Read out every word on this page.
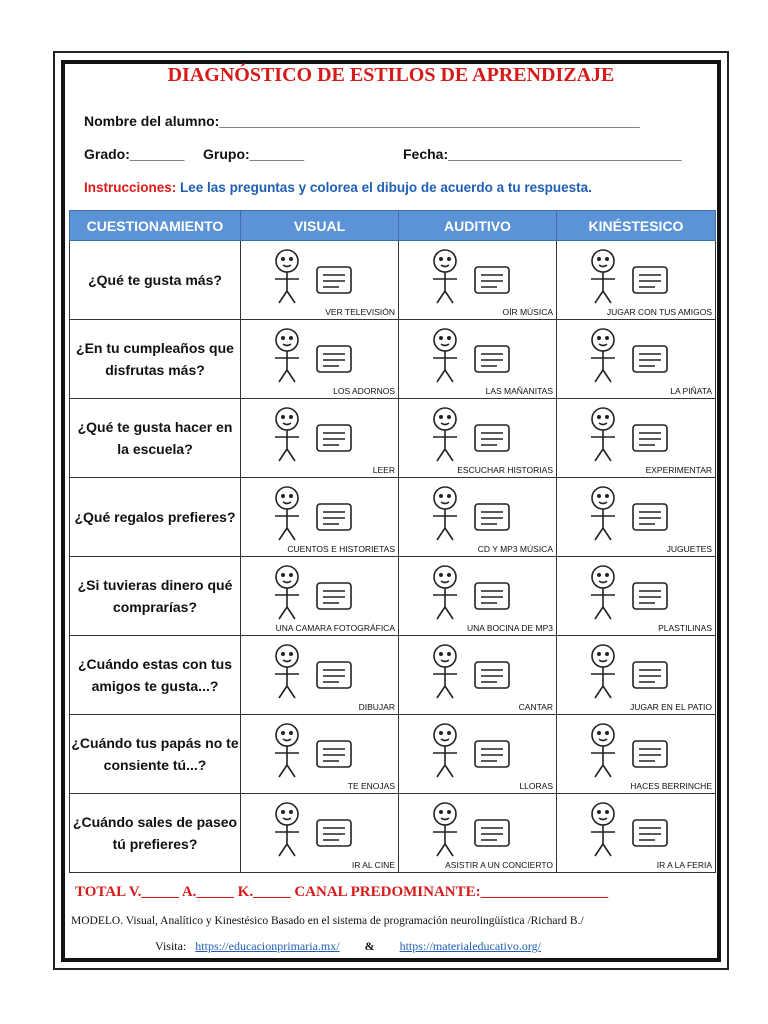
DIAGNÓSTICO DE ESTILOS DE APRENDIZAJE
Nombre del alumno:______________________________________________________
Grado:_______ Grupo:_______	Fecha:______________________________
Instrucciones: Lee las preguntas y colorea el dibujo de acuerdo a tu respuesta.
CUESTIONAMIENTO	VISUAL	AUDITIVO	KINÉSTESICO
¿Qué te gusta más?	VER TELEVISIÓN	OÍR MÚSICA	JUGAR CON TUS AMIGOS

¿En tu cumpleaños que disfrutas más?	LOS ADORNOS	LAS MAÑANITAS	LA PIÑATA

¿Qué te gusta hacer en la escuela?	LEER	ESCUCHAR HISTORIAS	EXPERIMENTAR

¿Qué regalos prefieres?	CUENTOS E HISTORIETAS	CD Y MP3 MÚSICA	JUGUETES

¿Si tuvieras dinero qué comprarías?	UNA CAMARA FOTOGRÁFICA	UNA BOCINA DE MP3	PLASTILINAS

¿Cuándo estas con tus amigos te gusta...?	DIBUJAR	CANTAR	JUGAR EN EL PATIO

¿Cuándo tus papás no te consiente tú...?	TE ENOJAS	LLORAS	HACES BERRINCHE

¿Cuándo sales de paseo tú prefieres?	IR AL CINE	ASISTIR A UN CONCIERTO	IR A LA FERIA
TOTAL V._____ A._____ K._____ CANAL PREDOMINANTE:_________________
MODELO. Visual, Analítico y Kinestésico Basado en el sistema de programación neurolingüística /Richard B./
Visita: https://educacionprimaria.mx/ & https://materialeducativo.org/
